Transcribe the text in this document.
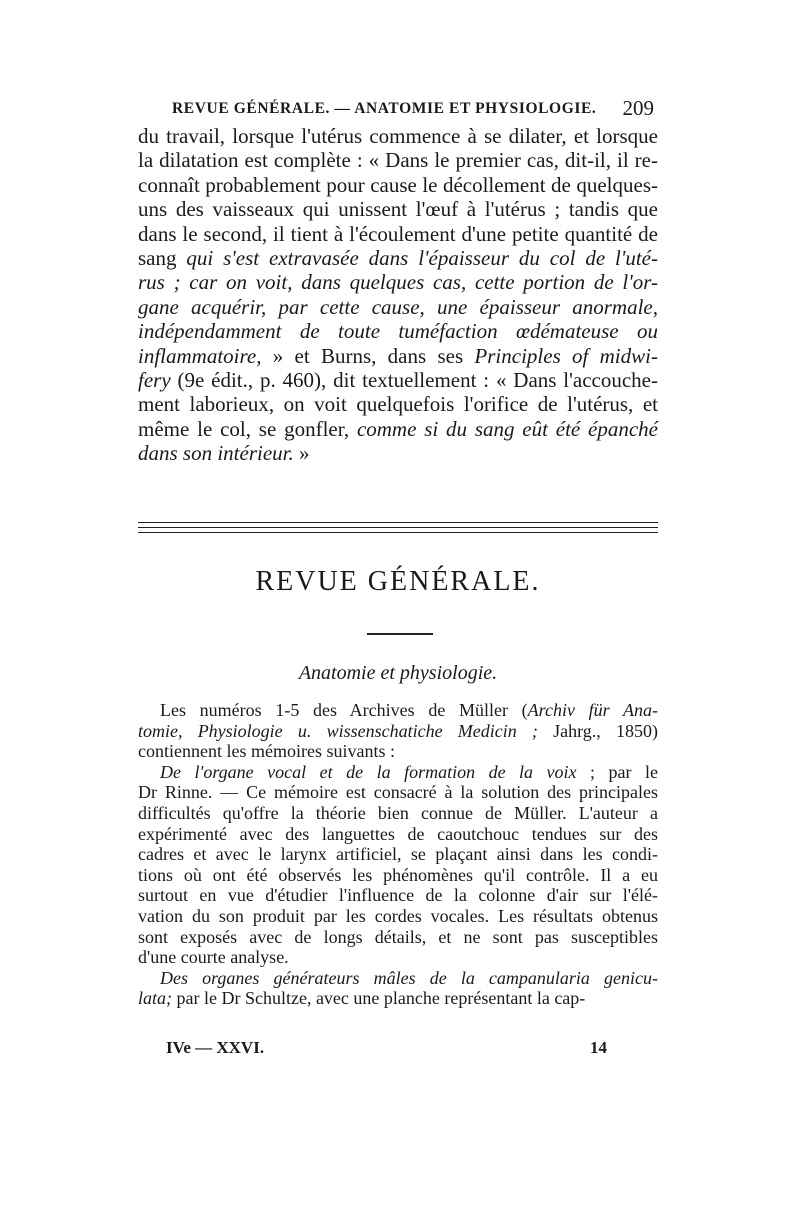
REVUE GÉNÉRALE. — ANATOMIE ET PHYSIOLOGIE. 209
du travail, lorsque l'utérus commence à se dilater, et lorsque
la dilatation est complète : « Dans le premier cas, dit-il, il re-
connaît probablement pour cause le décollement de quelques-
uns des vaisseaux qui unissent l'œuf à l'utérus ; tandis que
dans le second, il tient à l'écoulement d'une petite quantité de
sang qui s'est extravasée dans l'épaisseur du col de l'uté-
rus ; car on voit, dans quelques cas, cette portion de l'or-
gane acquérir, par cette cause, une épaisseur anormale,
indépendamment de toute tuméfaction œdémateuse ou
inflammatoire, » et Burns, dans ses Principles of midwi-
fery (9e édit., p. 460), dit textuellement : « Dans l'accouche-
ment laborieux, on voit quelquefois l'orifice de l'utérus, et
même le col, se gonfler, comme si du sang eût été épanché
dans son intérieur. »
REVUE GÉNÉRALE.
Anatomie et physiologie.
Les numéros 1-5 des Archives de Müller (Archiv für Ana-
tomie, Physiologie u. wissenschatiche Medicin ; Jahrg., 1850)
contiennent les mémoires suivants :
De l'organe vocal et de la formation de la voix ; par le
Dr Rinne. — Ce mémoire est consacré à la solution des principales
difficultés qu'offre la théorie bien connue de Müller. L'auteur a
expérimenté avec des languettes de caoutchouc tendues sur des
cadres et avec le larynx artificiel, se plaçant ainsi dans les condi-
tions où ont été observés les phénomènes qu'il contrôle. Il a eu
surtout en vue d'étudier l'influence de la colonne d'air sur l'élé-
vation du son produit par les cordes vocales. Les résultats obtenus
sont exposés avec de longs détails, et ne sont pas susceptibles
d'une courte analyse.
Des organes générateurs mâles de la campanularia genicu-
lata; par le Dr Schultze, avec une planche représentant la cap-
IVe — XXVI.	14
